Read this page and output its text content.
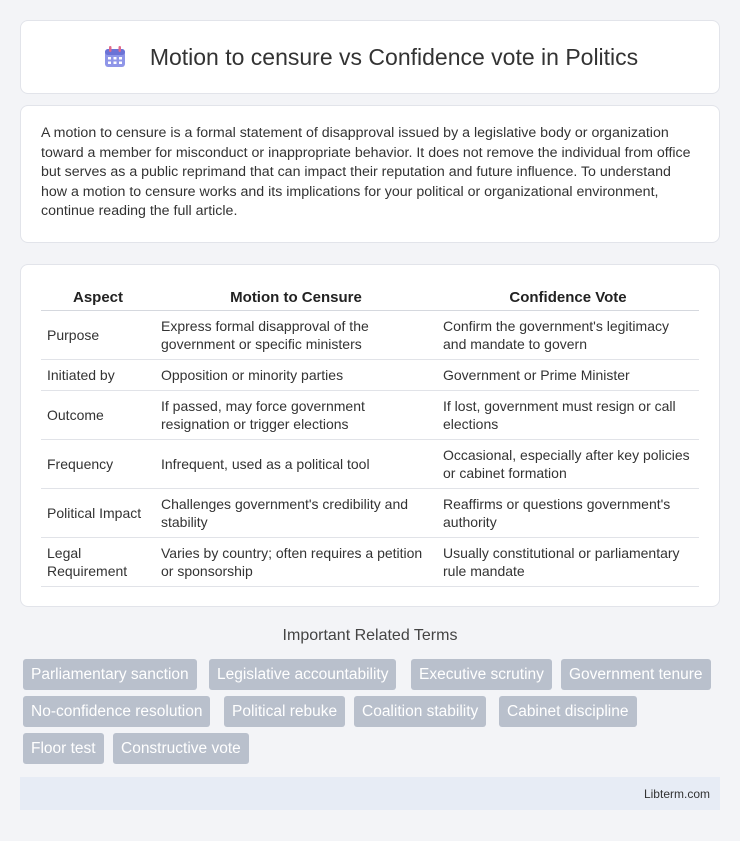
Motion to censure vs Confidence vote in Politics

A motion to censure is a formal statement of disapproval issued by a legislative body or organization toward a member for misconduct or inappropriate behavior. It does not remove the individual from office but serves as a public reprimand that can impact their reputation and future influence. To understand how a motion to censure works and its implications for your political or organizational environment, continue reading the full article.

Aspect	Motion to Censure	Confidence Vote
Purpose	Express formal disapproval of the government or specific ministers	Confirm the government's legitimacy and mandate to govern
Initiated by	Opposition or minority parties	Government or Prime Minister
Outcome	If passed, may force government resignation or trigger elections	If lost, government must resign or call elections
Frequency	Infrequent, used as a political tool	Occasional, especially after key policies or cabinet formation
Political Impact	Challenges government's credibility and stability	Reaffirms or questions government's authority
Legal Requirement	Varies by country; often requires a petition or sponsorship	Usually constitutional or parliamentary rule mandate
Important Related Terms
Parliamentary sanction	Legislative accountability	Executive scrutiny	Government tenure
No-confidence resolution	Political rebuke	Coalition stability	Cabinet discipline
Floor test	Constructive vote
Libterm.com
